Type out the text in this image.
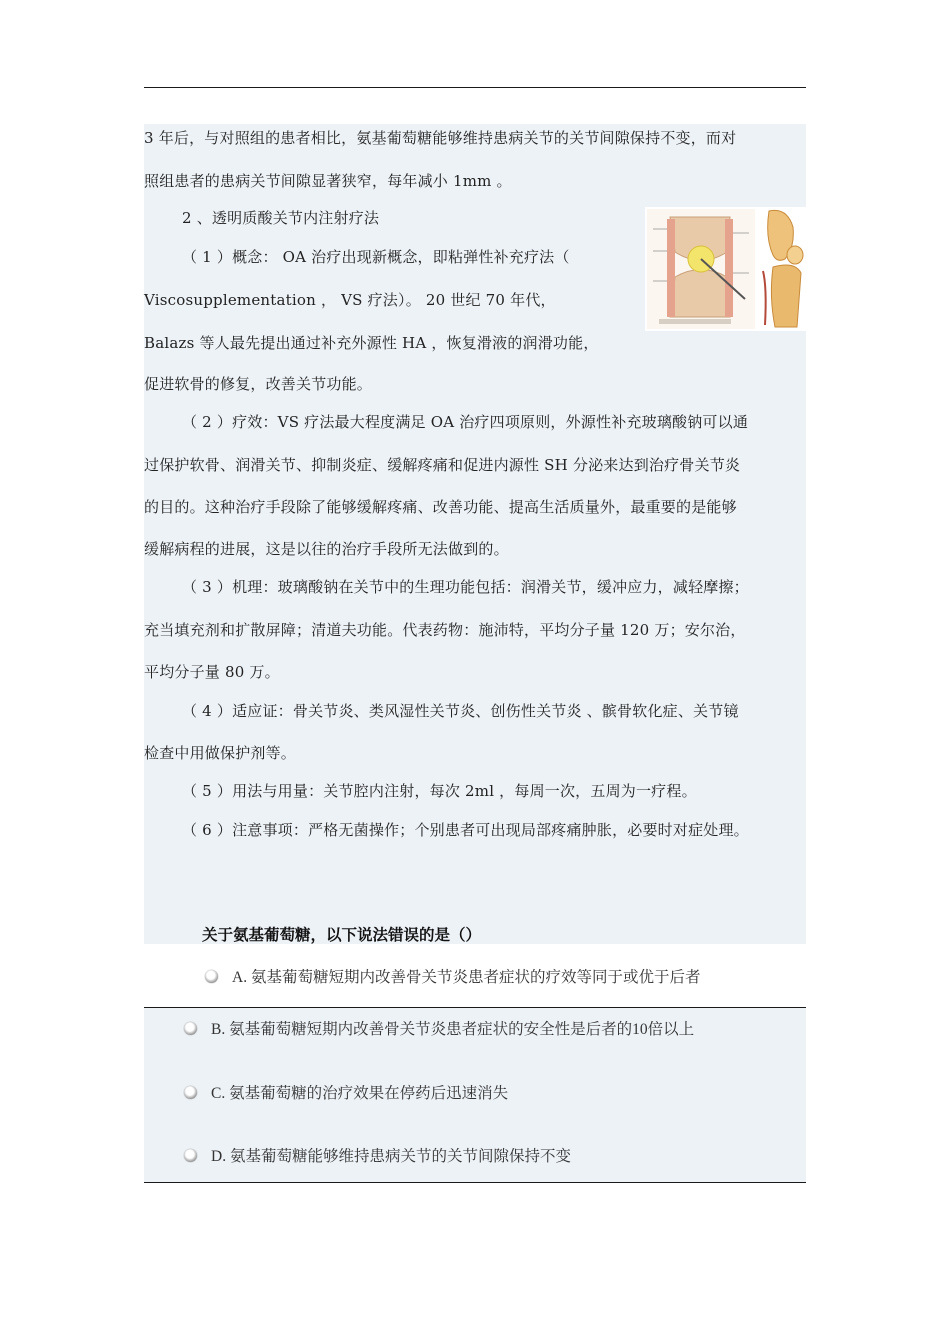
3 年后，与对照组的患者相比，氨基葡萄糖能够维持患病关节的关节间隙保持不变，而对
照组患者的患病关节间隙显著狭窄，每年减小 1mm 。
2 、透明质酸关节内注射疗法
（ 1 ）概念： OA 治疗出现新概念，即粘弹性补充疗法（
Viscosupplementation ， VS 疗法）。 20 世纪 70 年代，
Balazs 等人最先提出通过补充外源性 HA ，恢复滑液的润滑功能，
促进软骨的修复，改善关节功能。
（ 2 ）疗效：VS 疗法最大程度满足 OA 治疗四项原则，外源性补充玻璃酸钠可以通
过保护软骨、润滑关节、抑制炎症、缓解疼痛和促进内源性 SH 分泌来达到治疗骨关节炎
的目的。这种治疗手段除了能够缓解疼痛、改善功能、提高生活质量外，最重要的是能够
缓解病程的进展，这是以往的治疗手段所无法做到的。
（ 3 ）机理：玻璃酸钠在关节中的生理功能包括：润滑关节，缓冲应力，减轻摩擦；
充当填充剂和扩散屏障；清道夫功能。代表药物：施沛特，平均分子量 120 万；安尔治，
平均分子量 80 万。
（ 4 ）适应证：骨关节炎、类风湿性关节炎、创伤性关节炎 、髌骨软化症、关节镜
检查中用做保护剂等。
（ 5 ）用法与用量：关节腔内注射，每次 2ml ，每周一次，五周为一疗程。
（ 6 ）注意事项：严格无菌操作；个别患者可出现局部疼痛肿胀，必要时对症处理。
关于氨基葡萄糖，以下说法错误的是（）
A. 氨基葡萄糖短期内改善骨关节炎患者症状的疗效等同于或优于后者
B. 氨基葡萄糖短期内改善骨关节炎患者症状的安全性是后者的10倍以上
C. 氨基葡萄糖的治疗效果在停药后迅速消失
D. 氨基葡萄糖能够维持患病关节的关节间隙保持不变
